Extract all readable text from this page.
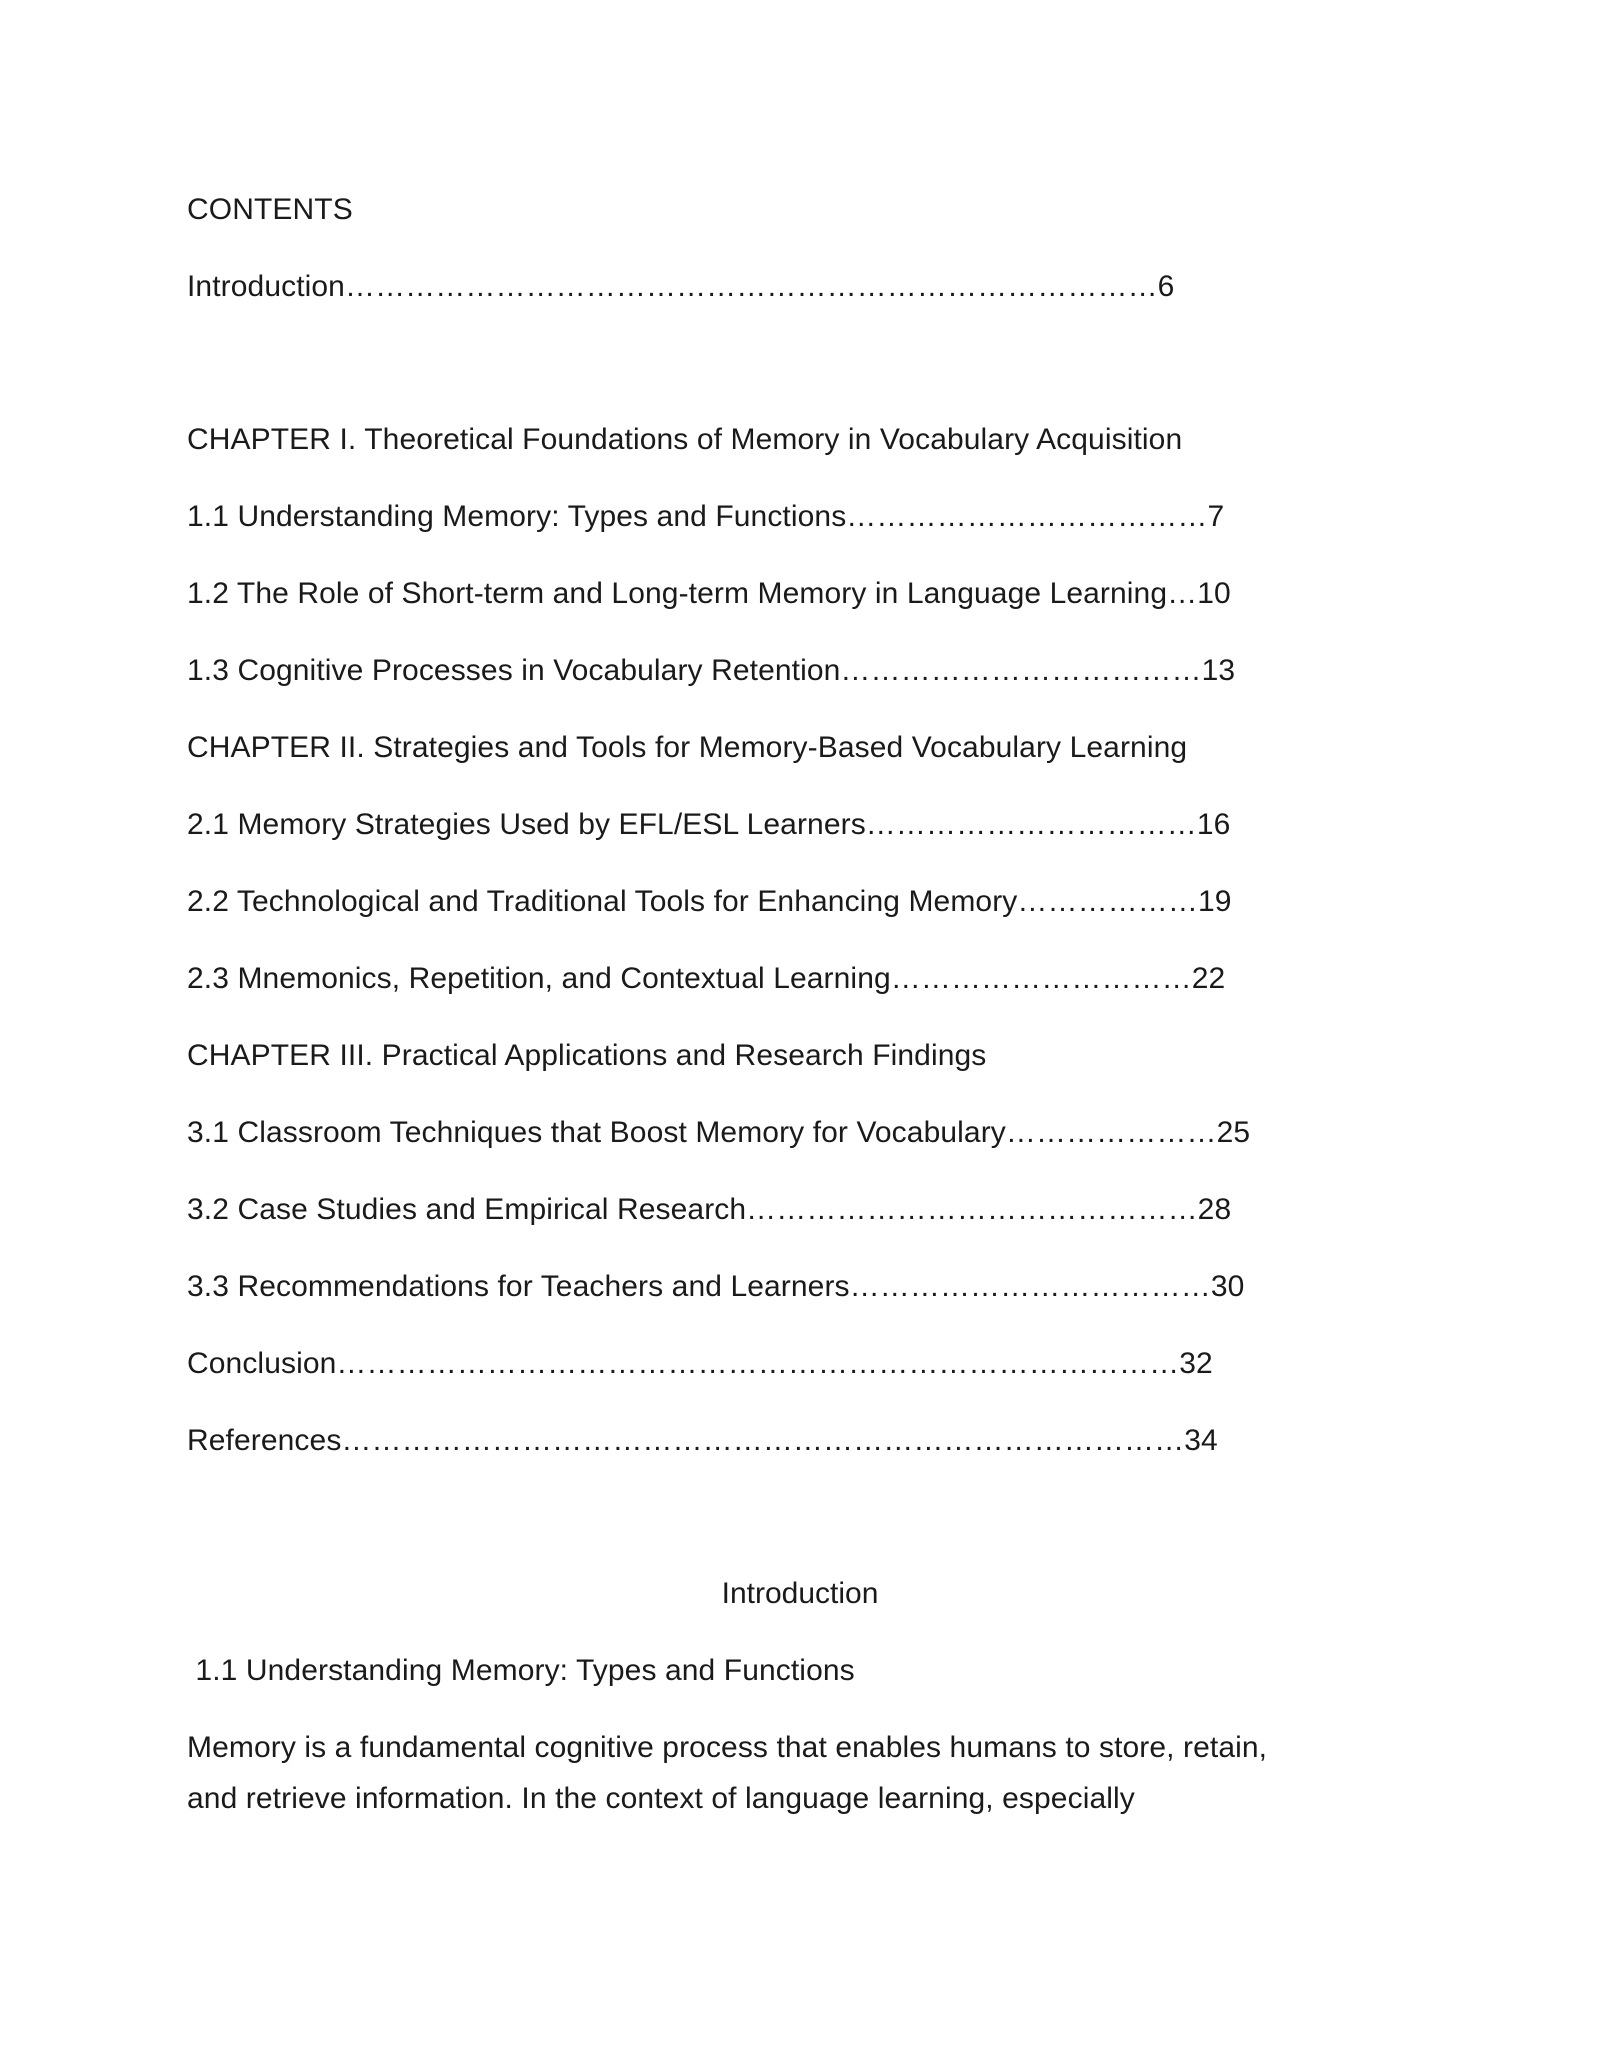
CONTENTS
Introduction………………………………………………………………………6
CHAPTER I. Theoretical Foundations of Memory in Vocabulary Acquisition
1.1 Understanding Memory: Types and Functions………………………………7
1.2 The Role of Short-term and Long-term Memory in Language Learning…10
1.3 Cognitive Processes in Vocabulary Retention………………………………13
CHAPTER II. Strategies and Tools for Memory-Based Vocabulary Learning
2.1 Memory Strategies Used by EFL/ESL Learners……………………………16
2.2 Technological and Traditional Tools for Enhancing Memory………………19
2.3 Mnemonics, Repetition, and Contextual Learning…………………………22
CHAPTER III. Practical Applications and Research Findings
3.1 Classroom Techniques that Boost Memory for Vocabulary…………………25
3.2 Case Studies and Empirical Research………………………………………28
3.3 Recommendations for Teachers and Learners………………………………30
Conclusion…………………………………………………………………………32
References…………………………………………………………………………34
Introduction
1.1 Understanding Memory: Types and Functions
Memory is a fundamental cognitive process that enables humans to store, retain,
and retrieve information. In the context of language learning, especially
